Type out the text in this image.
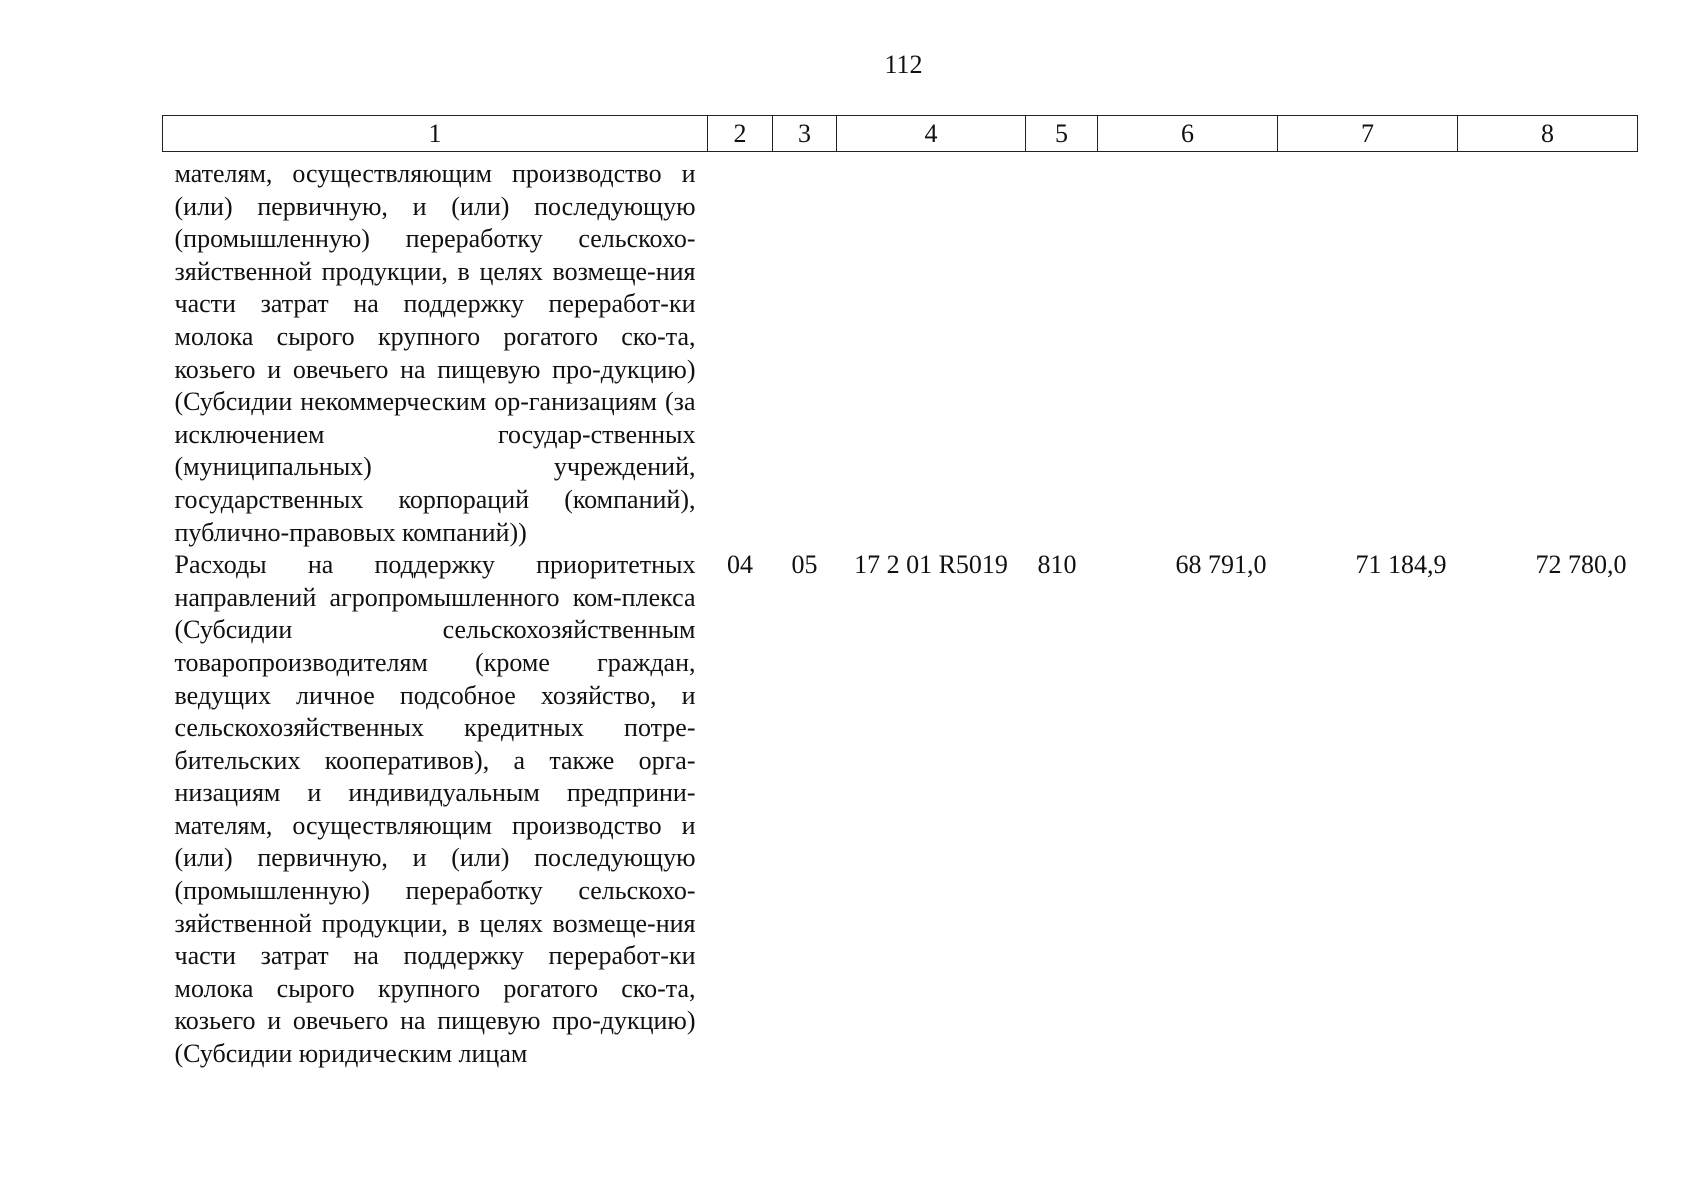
112
1	2	3	4	5	6	7	8
мателям, осуществляющим производство и (или) первичную, и (или) последующую (промышленную) переработку сельскохо-зяйственной продукции, в целях возмеще-ния части затрат на поддержку переработ-ки молока сырого крупного рогатого ско-та, козьего и овечьего на пищевую про-дукцию) (Субсидии некоммерческим ор-ганизациям (за исключением государ-ственных (муниципальных) учреждений, государственных корпораций (компаний), публично-правовых компаний))							
Расходы на поддержку приоритетных направлений агропромышленного ком-плекса (Субсидии сельскохозяйственным товаропроизводителям (кроме граждан, ведущих личное подсобное хозяйство, и сельскохозяйственных кредитных потре-бительских кооперативов), а также орга-низациям и индивидуальным предприни-мателям, осуществляющим производство и (или) первичную, и (или) последующую (промышленную) переработку сельскохо-зяйственной продукции, в целях возмеще-ния части затрат на поддержку переработ-ки молока сырого крупного рогатого ско-та, козьего и овечьего на пищевую про-дукцию) (Субсидии юридическим лицам	04	05	17 2 01 R5019	810	68 791,0	71 184,9	72 780,0
